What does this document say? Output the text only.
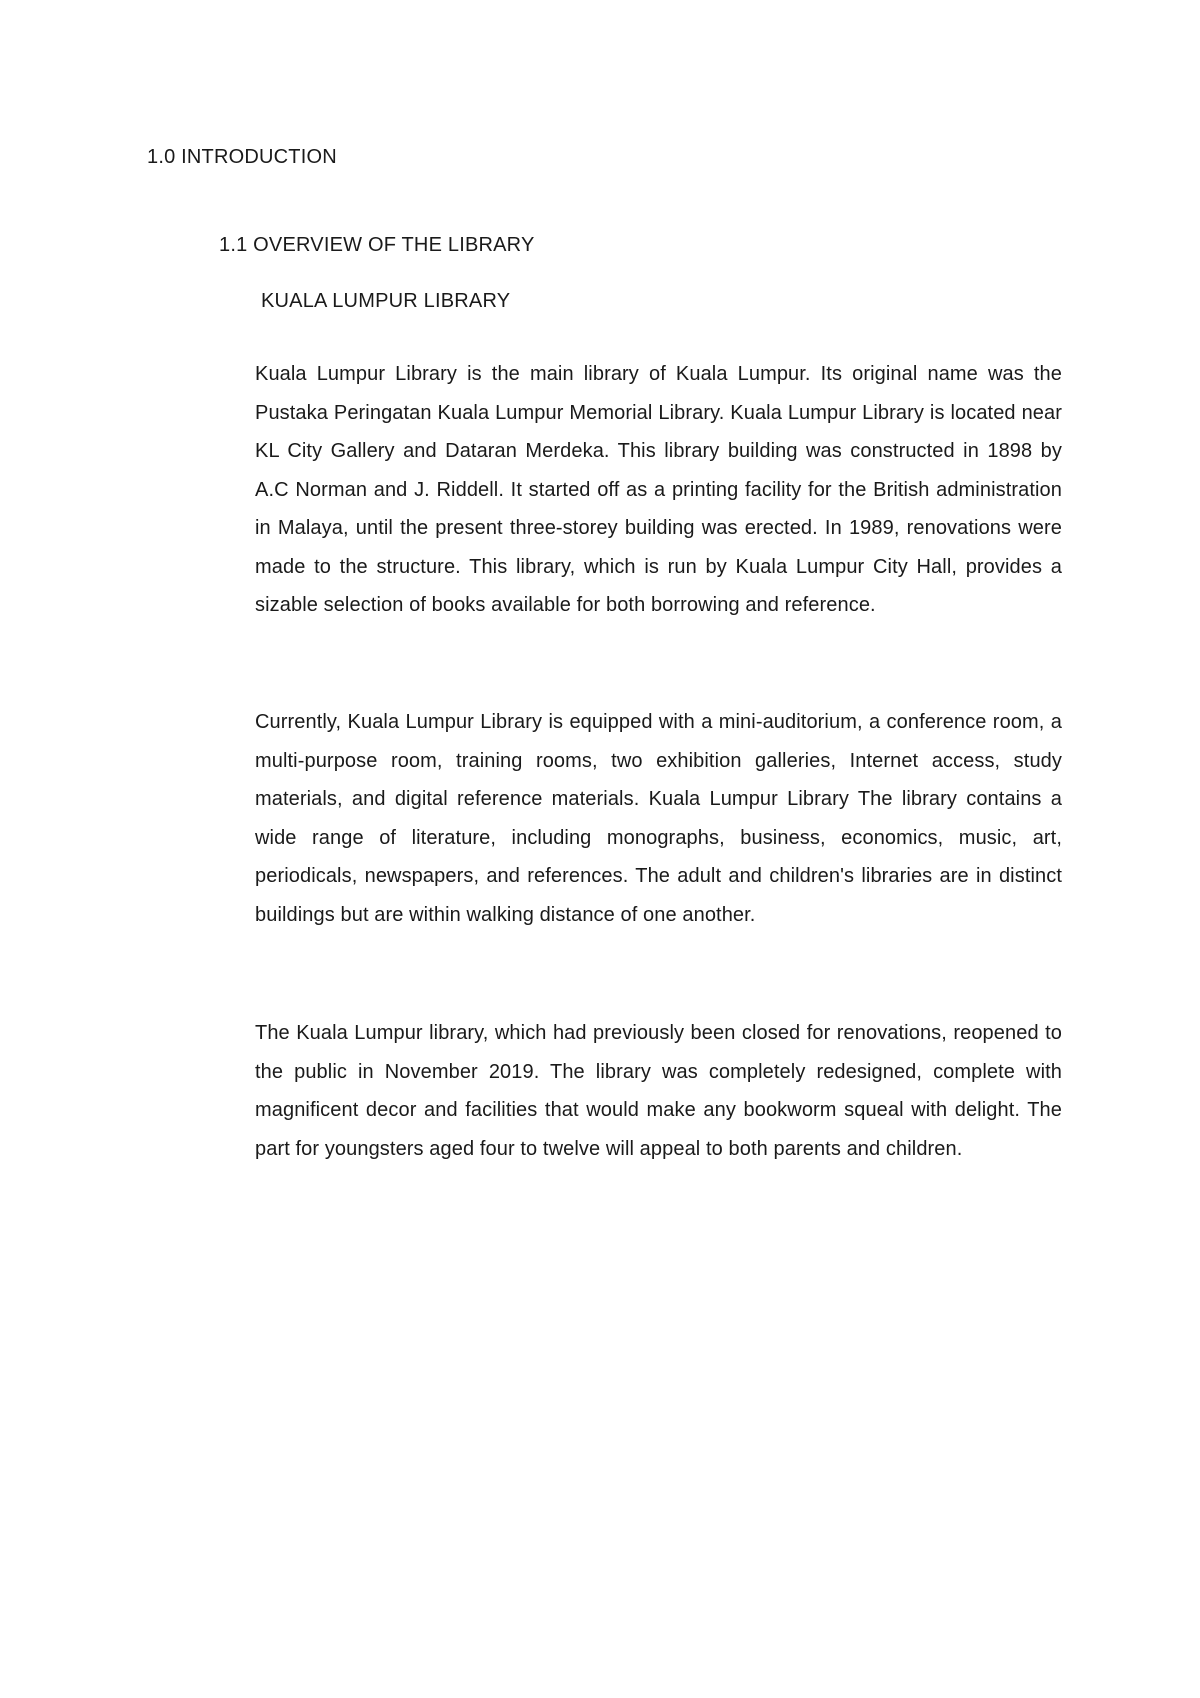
1.0 INTRODUCTION
1.1 OVERVIEW OF THE LIBRARY
KUALA LUMPUR LIBRARY

Kuala Lumpur Library is the main library of Kuala Lumpur. Its original name was the Pustaka Peringatan Kuala Lumpur Memorial Library. Kuala Lumpur Library is located near KL City Gallery and Dataran Merdeka. This library building was constructed in 1898 by A.C Norman and J. Riddell. It started off as a printing facility for the British administration in Malaya, until the present three-storey building was erected. In 1989, renovations were made to the structure. This library, which is run by Kuala Lumpur City Hall, provides a sizable selection of books available for both borrowing and reference.

Currently, Kuala Lumpur Library is equipped with a mini-auditorium, a conference room, a multi-purpose room, training rooms, two exhibition galleries, Internet access, study materials, and digital reference materials. Kuala Lumpur Library The library contains a wide range of literature, including monographs, business, economics, music, art, periodicals, newspapers, and references. The adult and children's libraries are in distinct buildings but are within walking distance of one another.

The Kuala Lumpur library, which had previously been closed for renovations, reopened to the public in November 2019. The library was completely redesigned, complete with magnificent decor and facilities that would make any bookworm squeal with delight. The part for youngsters aged four to twelve will appeal to both parents and children.
